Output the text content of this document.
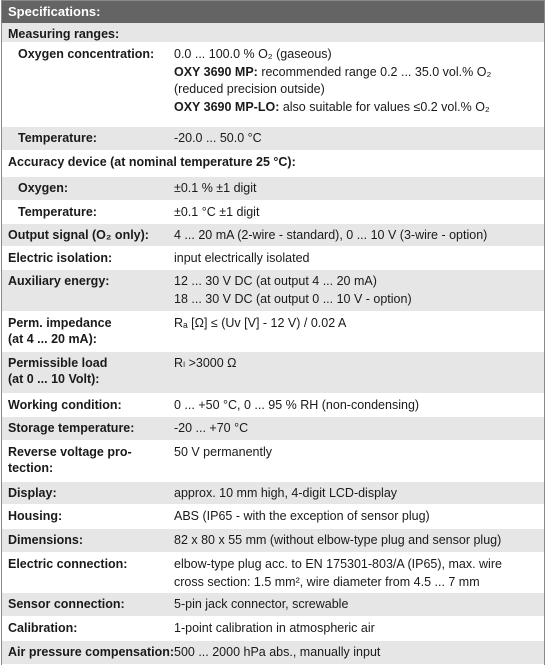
Specifications:
Measuring ranges:
Oxygen concentration: 0.0 ... 100.0 % O₂ (gaseous)
OXY 3690 MP: recommended range 0.2 ... 35.0 vol.% O₂
(reduced precision outside)
OXY 3690 MP-LO: also suitable for values ≤0.2 vol.% O₂
Temperature:	-20.0 ... 50.0 °C
Accuracy device (at nominal temperature 25 °C):
Oxygen:	±0.1 % ±1 digit
Temperature:	±0.1 °C ±1 digit
Output signal (O₂ only): 4 ... 20 mA (2-wire - standard), 0 ... 10 V (3-wire - option)
Electric isolation:	input electrically isolated
Auxiliary energy:	12 ... 30 V DC (at output 4 ... 20 mA)
18 ... 30 V DC (at output 0 ... 10 V - option)
Perm. impedance
(at 4 ... 20 mA):
Rₐ [Ω] ≤ (Uv [V] - 12 V) / 0.02 A
Permissible load
(at 0 ... 10 Volt):
Rₗ >3000 Ω
Working condition:	0 ... +50 °C, 0 ... 95 % RH (non-condensing)
Storage temperature:	-20 ... +70 °C
Reverse voltage pro-
tection:
50 V permanently
Display:	approx. 10 mm high, 4-digit LCD-display
Housing:	ABS (IP65 - with the exception of sensor plug)
Dimensions:	82 x 80 x 55 mm (without elbow-type plug and sensor plug)
Electric connection:	elbow-type plug acc. to EN 175301-803/A (IP65), max. wire
cross section: 1.5 mm², wire diameter from 4.5 ... 7 mm
Sensor connection:	5-pin jack connector, screwable
Calibration:	1-point calibration in atmospheric air
Air pressure compensation: 500 ... 2000 hPa abs., manually input
